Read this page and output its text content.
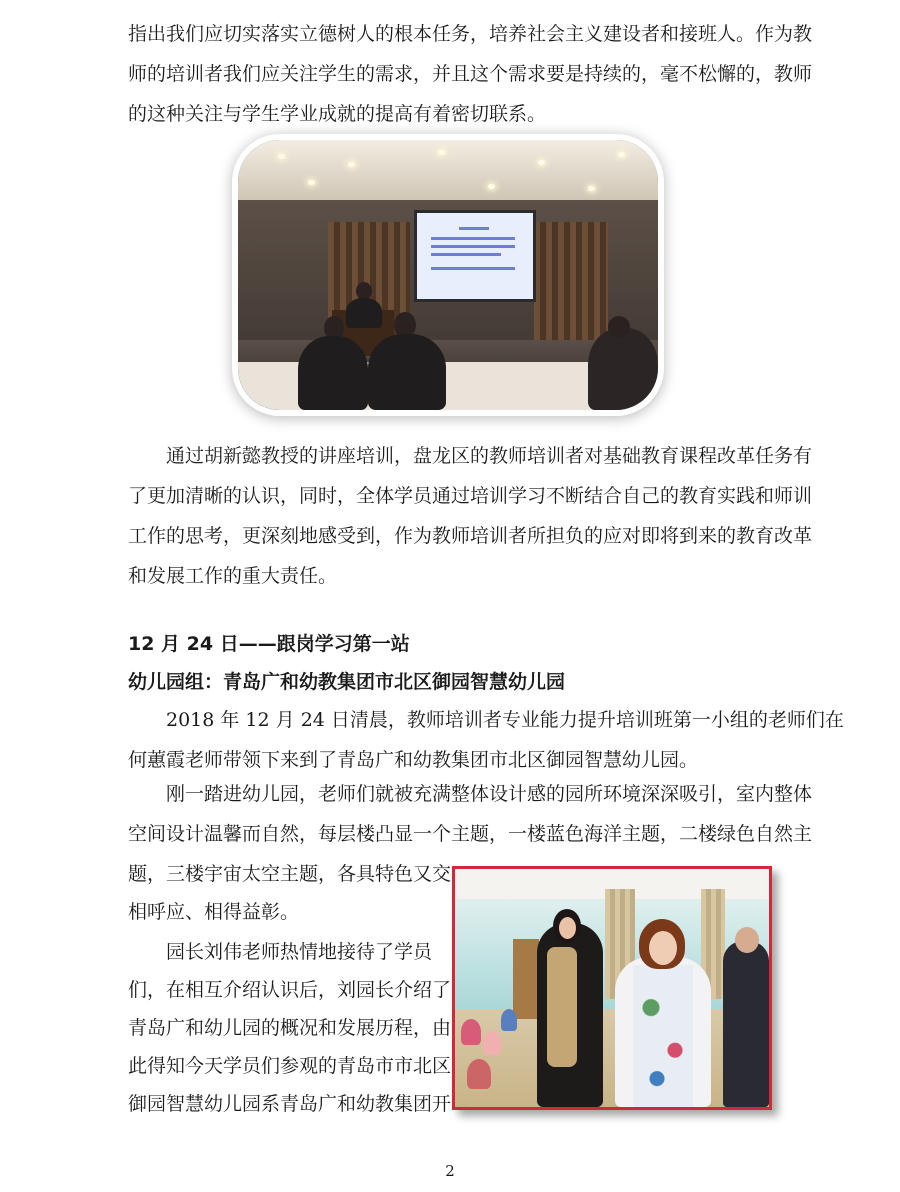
指出我们应切实落实立德树人的根本任务，培养社会主义建设者和接班人。作为教
师的培训者我们应关注学生的需求，并且这个需求要是持续的，毫不松懈的，教师
的这种关注与学生学业成就的提高有着密切联系。
通过胡新懿教授的讲座培训，盘龙区的教师培训者对基础教育课程改革任务有
了更加清晰的认识，同时，全体学员通过培训学习不断结合自己的教育实践和师训
工作的思考，更深刻地感受到，作为教师培训者所担负的应对即将到来的教育改革
和发展工作的重大责任。
12 月 24 日——跟岗学习第一站
幼儿园组：青岛广和幼教集团市北区御园智慧幼儿园
2018 年 12 月 24 日清晨，教师培训者专业能力提升培训班第一小组的老师们在
何蕙霞老师带领下来到了青岛广和幼教集团市北区御园智慧幼儿园。
刚一踏进幼儿园，老师们就被充满整体设计感的园所环境深深吸引，室内整体
空间设计温馨而自然，每层楼凸显一个主题，一楼蓝色海洋主题，二楼绿色自然主
题，三楼宇宙太空主题，各具特色又交
相呼应、相得益彰。
园长刘伟老师热情地接待了学员
们，在相互介绍认识后，刘园长介绍了
青岛广和幼儿园的概况和发展历程，由
此得知今天学员们参观的青岛市市北区
御园智慧幼儿园系青岛广和幼教集团开
2
